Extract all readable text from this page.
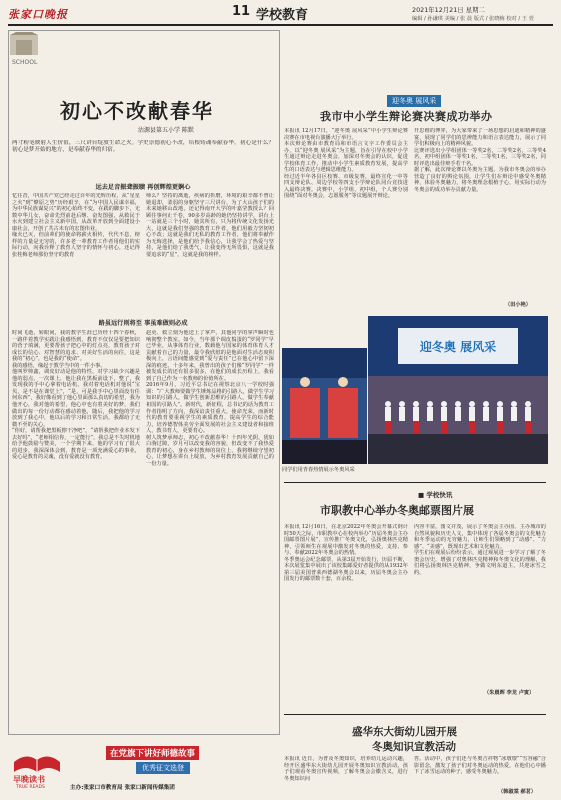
张家口晚报	11 学校教育	2021年12月21日 星期二
编辑 / 孙谦琪 美编 / 张 晨 版式 / 张晓梅 校对 / 王 萱
SCHOOL
初心不改献春华
沽源县第五小学 陈默
两寸粉笔映射人生价值，三尺讲台绽放生命之火。学史崇德初心不改，培根铸魂奉献春华。初心是什么？初心是梦开始的地方，是奉献春华的归宿。
远去足音振聋振聩 再创辉煌更婀心
忆往昔，中国共产党已经走过百年的光辉历程，从“星星之火”到“燎原之势”历经艰辛，在“为中国人民谋幸福，为中华民族谋复兴”的初心始终不变，在践的脚步下，无数中华儿女，奋命先烈前赴后继、奋发图强，从救民于水火到建立社会主义新中国，从改革开放到全面建设小康社会，开创了共古未有的宏图伟业。
缘火已灭，但前辈们的使命将薪火相传，代代不息，榜样的力量是无穷的，许多老一辈教育工作者用他们的实际行动，向我诠释了教育人坚守的情怀与初心。还记得张桂梅老师那份坚守的教育
师么？坚持的离逝，疾病的折磨，环境的艰辛都不曾让她退却，柔弱的身躯坚守三尺讲台，为了大山孩子们的未来她移山改地，还记得南开大学的叶嘉莹教授么？回顾往事何止千卷，90多岁高龄的她仍坚持讲学，讲台上一站就是三个小时，她其所有，只为将传统文化发扬光大，这就是我们坚强的教育工作者，他们用毅力坚韧初心不改；这就是我们无私的教育工作者，他们将奉献作为无悔选择，是他们给予我信心，让我学会了热爱与坚持，是他们给了我勇气，让我变得无所畏惧，这就是我要追求的“星”，这就是我的榜样。
路虽远行则将至 事虽难做则必成
时间飞逝，转眼间，我的教学生涯已历经十四个春秋，一路伴着教学实践让我感悟到，教育不仅仅是要把知识的营子填满，更要帮孩子把心中的灯点亮，教育孩子对成长的信心、对智慧的追求、对美好生活的向往，这是我的“初心”，也是我的“使命”。
我的感悟，缘起于教学当中的一件小事。
他叫罗帅鑫，调皮好动是他的特性，对学习缺少兴趣是他的弱点，一次课上，他让我在黑板前设下，整了，我发现我的手中心拿着电话机，我对着电话机对他说“宝贝，是不是在课堂上”，“是，可是我手中心里面没有任何东西”，我好像看到了他心里面那么真切的希望，我为他开心，我对他的希望，他心中也有着美好的梦，我们做出的每一份行动都在感动着他，随后，我把他的学习放到了我心中，他以后的学习和日常生活，我都给了无微不至的关心。
“你好，请帮我把黑板擦干净吧”，“请帮我把作业本发下去好吗”，“老师相信你，一定能行”，我总是不失时机地给予他鼓励与赞美，一个学期下来，他的学习有了很大的进步，我深深体会到，教育是一项充满爱心的事业，爱心是教育的灵魂，没有爱就没有教育。
赵更、救立刻为他送上了掌声，其他同学的掌声瞬时也响彻整个教室。如今，当年那个调皮捣蛋的“罗同学”早已毕业，从事体育行业，数载他与国家的体育体育人才贡献着自己的力量，最令我欣慰的是他面对生活态度积极向上，言语间能感觉到“爱与责任”已在他心中留下深深的痕迹。十多年来，我曾出的孩子们像“罗同学”一样被发成长的还有很多很多，在他们的成长历程上，我看到了自己作为一名教师的价值所在。
2016年9月，习近平总书记在视察北京八一学校时强调：“广大教师要做学生锤炼品格的引路人，做学生学习知识的引路人，做学生创新思维的引路人，做学生奉献祖国的引路人”。新时代，新征程，总书记的话为教育工作者指明了方向，我深谙责任重大，使命光荣。而新时代的教育要重视学生的素质教育，提高学生的综合能力，培养德智体美劳全面发展的社会主义建设者和接班人，教书育人，更要育心。
树人筑梦承师志，初心不改献春华！十四年光阴，犹如白驹过隙，岁月可以改变我的容貌，但改变不了我热爱教育的初心，身在乡村教师的岗位上，我将继续守望初心，让梦想在讲台上绽放，为乡村教育发展贡献自己的一份力量。
早晚读书
TRUE READS
在党旗下讲好师德故事
优秀征文选登
主办:张家口市教育局 张家口新闻传媒集团
迎冬奥 展风采
我市中小学生辩论赛决赛成功举办
本报讯 12月17日，“迎冬奥 展风采”中小学生辩论赛决赛在市电视台演播大厅举行。
本次辩论赛由市教育局和市语言文字工作委员会主办，以“迎冬奥 展风采”为主题，旨在引导在校中小学生通过辩论走进冬奥会，加深对冬奥会的认识，促进学校体育工作，推动中小学生素质教育发展，提高学生的口语表达与逻辑思维能力。
经过近半年各县区校赛、市级复赛，最终宣化一中等四支辩论队、周边学校等四支小学辩论队同台竞技进入最终决赛。决赛中，小学组、初中组，个人赛分别围绕“面对冬奥会，志愿服务”等议题展开辩论。
开思维的博弈，为大家带来了一场思想的启迪和精神的盛宴，展现了同学们的思辨能力和语言表达能力，展示了同学们积极向上的精神风貌。
比赛评选出小学组团体一等奖2名，二等奖2名，三等奖4名，初中组团体一等奖1名，二等奖1名，三等奖2名，同时评选出最佳辩手若干名。
据了解，此次辩论赛以冬奥为主题，为我市冬奥会的举办营造了良好的舆论氛围，让学生们在辩论中感受冬奥精神，体验冬奥魅力，将冬奥理念根植于心，用实际行动为冬奥会的成功举办贡献力量。
（田小艳）
迎冬奥 展风采
同学们用青春热情展示冬奥风采
■ 学校快讯
市职教中心举办冬奥邮票图片展
本报讯 12月16日，在北京2022年冬奥会开幕式倒计时50天之际，市职教中心在校内举办“历届冬奥会主办国邮票图片展”，宣传推广冬奥文化，弘扬奥林匹克精神，引领师生在观展中激发对冬奥的热爱，支持、参与、奉献2022年冬奥会的热情。
冬季奥运会纪念邮票，从第3届开始发行，历届不断，本次展览集中展出了该校集邮爱好者提供的从1932年第三届美国普莱西德湖冬奥会以来，历届冬奥会主办国发行的邮票数十套，百余枚。
内容丰富，图文并茂，展示了冬奥会主办国、主办城市的自然风貌和历史人文，集中体现了各届冬奥会的文化魅力和冬季运动的无穷魅力，让师生们领略到了“动感”、“力感”、“美感”，既现出艺术和文化魅力。
学生们在观展后纷纷表示，通过观展进一步学习了解了冬奥会历史，增强了对奥林匹克精神和冬奥文化的理解，我们将弘扬奥林匹克精神，争做文明东道主，共迎冰雪之约。
（朱晨晖 李龙 卢寅）
盛华东大街幼儿园开展
冬奥知识宣教活动
本报讯 近日，为普及冬奥知识，培养幼儿运动兴趣，经开区盛华东大街幼儿园开展冬奥知识宣教活动。孩子们观看冬奥宣传视频，了解冬奥会会徽含义，进行冬奥知识问
答。活动中，孩子们还与冬奥吉祥物“冰墩墩”“雪容融”合影留念，激发了孩子们对冬奥运动的热爱，在他们心中播下了冰雪运动的种子，感受冬奥魅力。
（韩淑棠 郝茗）
